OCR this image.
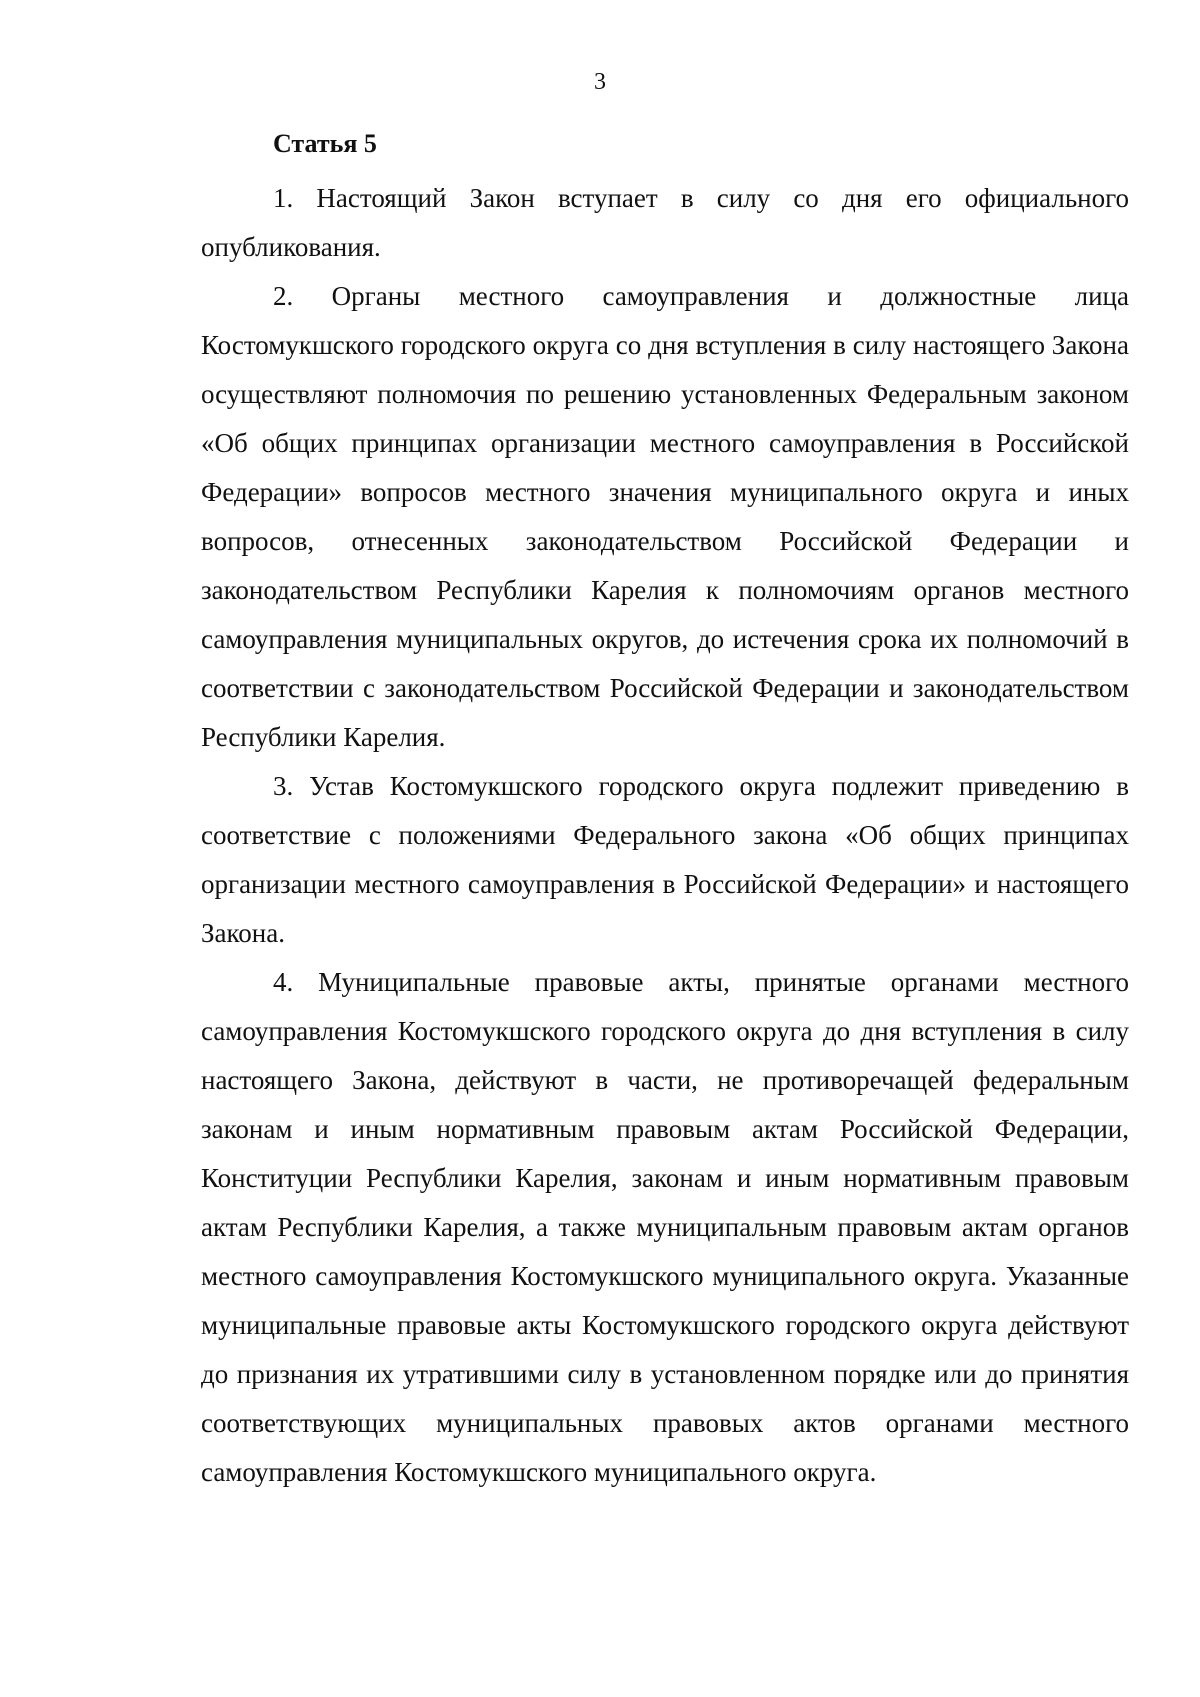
3
Статья 5

1. Настоящий Закон вступает в силу со дня его официального опубликования.

2. Органы местного самоуправления и должностные лица Костомукшского городского округа со дня вступления в силу настоящего Закона осуществляют полномочия по решению установленных Федеральным законом «Об общих принципах организации местного самоуправления в Российской Федерации» вопросов местного значения муниципального округа и иных вопросов, отнесенных законодательством Российской Федерации и законодательством Республики Карелия к полномочиям органов местного самоуправления муниципальных округов, до истечения срока их полномочий в соответствии с законодательством Российской Федерации и законодательством Республики Карелия.

3. Устав Костомукшского городского округа подлежит приведению в соответствие с положениями Федерального закона «Об общих принципах организации местного самоуправления в Российской Федерации» и настоящего Закона.

4. Муниципальные правовые акты, принятые органами местного самоуправления Костомукшского городского округа до дня вступления в силу настоящего Закона, действуют в части, не противоречащей федеральным законам и иным нормативным правовым актам Российской Федерации, Конституции Республики Карелия, законам и иным нормативным правовым актам Республики Карелия, а также муниципальным правовым актам органов местного самоуправления Костомукшского муниципального округа. Указанные муниципальные правовые акты Костомукшского городского округа действуют до признания их утратившими силу в установленном порядке или до принятия соответствующих муниципальных правовых актов органами местного самоуправления Костомукшского муниципального округа.
